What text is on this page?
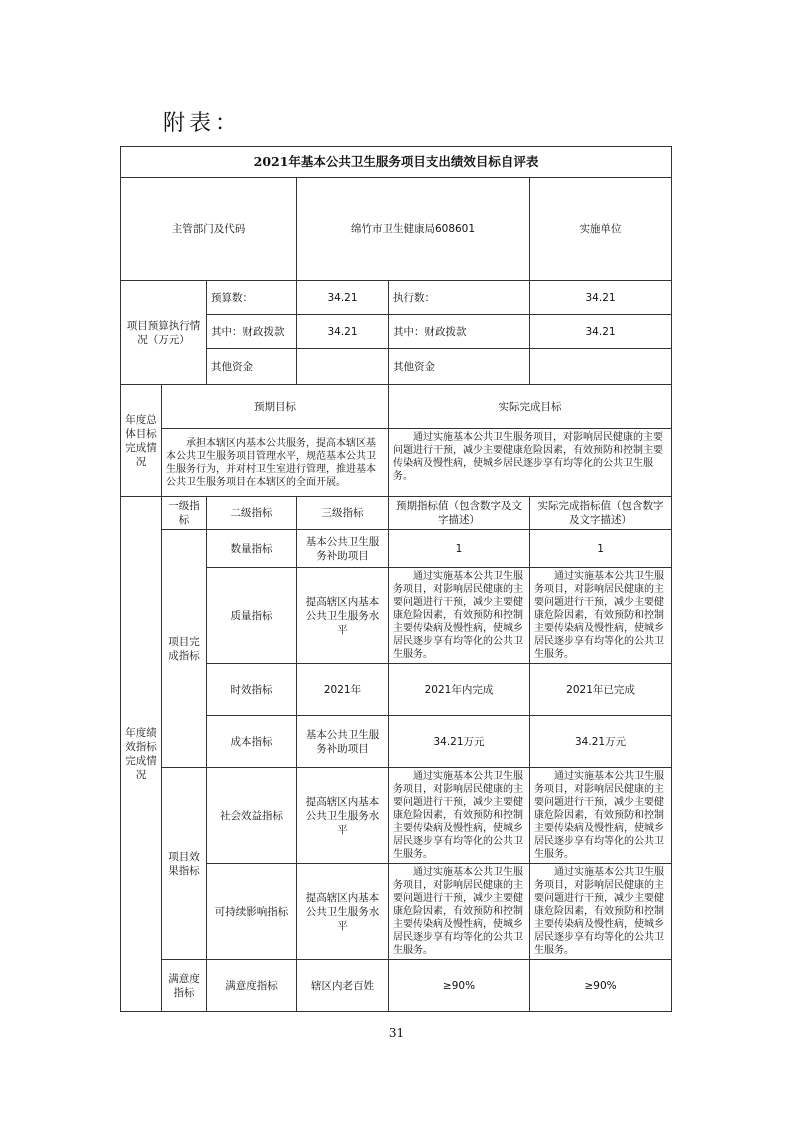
附表：
2021年基本公共卫生服务项目支出绩效目标自评表						
主管部门及代码			绵竹市卫生健康局608601		实施单位	
项目预算执行情况（万元）		预算数：	34.21	执行数：	34.21	
		其中：财政拨款	34.21	其中：财政拨款	34.21	
		其他资金		其他资金		
年度总体目标完成情况	预期目标			实际完成目标		
	承担本辖区内基本公共服务，提高本辖区基本公共卫生服务项目管理水平，规范基本公共卫生服务行为，并对村卫生室进行管理，推进基本公共卫生服务项目在本辖区的全面开展。			通过实施基本公共卫生服务项目，对影响居民健康的主要问题进行干预，减少主要健康危险因素，有效预防和控制主要传染病及慢性病，使城乡居民逐步享有均等化的公共卫生服务。		
年度绩效指标完成情况	一级指标	二级指标	三级指标	预期指标值（包含数字及文字描述）	实际完成指标值（包含数字及文字描述）	
	项目完成指标	数量指标	基本公共卫生服务补助项目	1	1	
		质量指标	提高辖区内基本公共卫生服务水平	通过实施基本公共卫生服务项目，对影响居民健康的主要问题进行干预，减少主要健康危险因素，有效预防和控制主要传染病及慢性病，使城乡居民逐步享有均等化的公共卫生服务。	通过实施基本公共卫生服务项目，对影响居民健康的主要问题进行干预，减少主要健康危险因素，有效预防和控制主要传染病及慢性病，使城乡居民逐步享有均等化的公共卫生服务。	
		时效指标	2021年	2021年内完成	2021年已完成	
		成本指标	基本公共卫生服务补助项目	34.21万元	34.21万元	
	项目效果指标	社会效益指标	提高辖区内基本公共卫生服务水平	通过实施基本公共卫生服务项目，对影响居民健康的主要问题进行干预，减少主要健康危险因素，有效预防和控制主要传染病及慢性病，使城乡居民逐步享有均等化的公共卫生服务。	通过实施基本公共卫生服务项目，对影响居民健康的主要问题进行干预，减少主要健康危险因素，有效预防和控制主要传染病及慢性病，使城乡居民逐步享有均等化的公共卫生服务。	
		可持续影响指标	提高辖区内基本公共卫生服务水平	通过实施基本公共卫生服务项目，对影响居民健康的主要问题进行干预，减少主要健康危险因素，有效预防和控制主要传染病及慢性病，使城乡居民逐步享有均等化的公共卫生服务。	通过实施基本公共卫生服务项目，对影响居民健康的主要问题进行干预，减少主要健康危险因素，有效预防和控制主要传染病及慢性病，使城乡居民逐步享有均等化的公共卫生服务。	
	满意度指标	满意度指标	辖区内老百姓	≥90%	≥90%	
31
